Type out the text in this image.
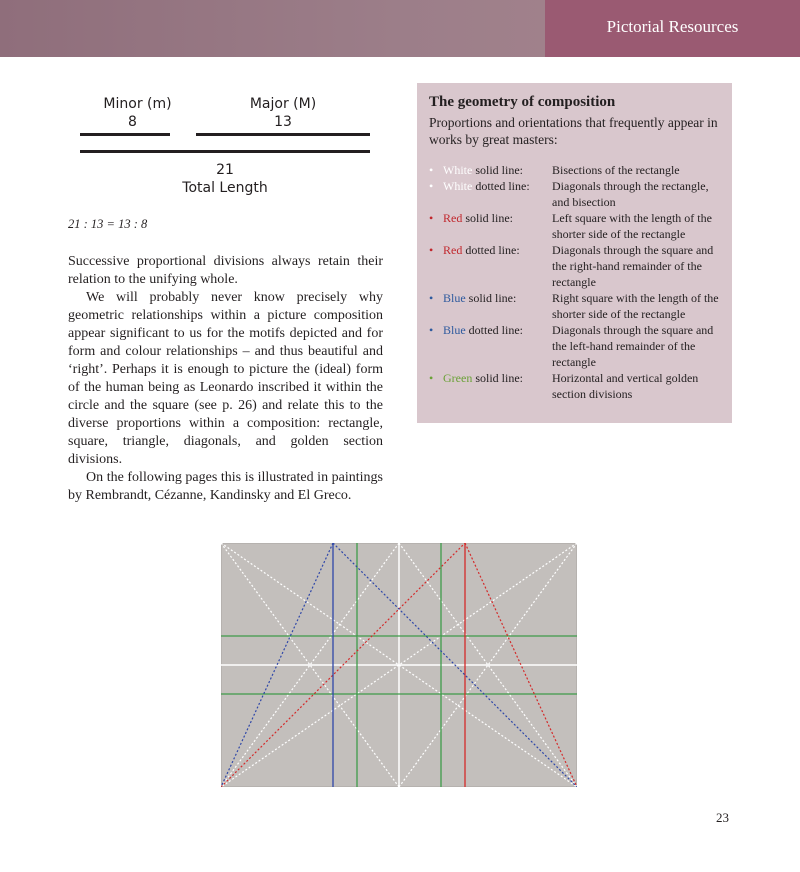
Pictorial Resources
Minor (m)
8
Major (M)
13
21
Total Length
21 : 13 = 13 : 8

Successive proportional divisions always retain their relation to the unifying whole.

We will probably never know precisely why geometric relationships within a picture composition appear significant to us for the motifs depicted and for form and colour relationships – and thus beautiful and ‘right’. Perhaps it is enough to picture the (ideal) form of the human being as Leonardo inscribed it within the circle and the square (see p. 26) and relate this to the diverse proportions within a composition: rectangle, square, triangle, diagonals, and golden section divisions.

On the following pages this is illustrated in paintings by Rembrandt, Cézanne, Kandinsky and El Greco.

The geometry of composition
Proportions and orientations that frequently appear in works by great masters:
• White solid line: Bisections of the rectangle
• White dotted line: Diagonals through the rectangle, and bisection
• Red solid line:	Left square with the length of the shorter side of the rectangle
• Red dotted line:	Diagonals through the square and the right-hand remainder of the rectangle
• Blue solid line:	Right square with the length of the shorter side of the rectangle
• Blue dotted line: Diagonals through the square and the left-hand remainder of the rectangle
• Green solid line: Horizontal and vertical golden section divisions
23
